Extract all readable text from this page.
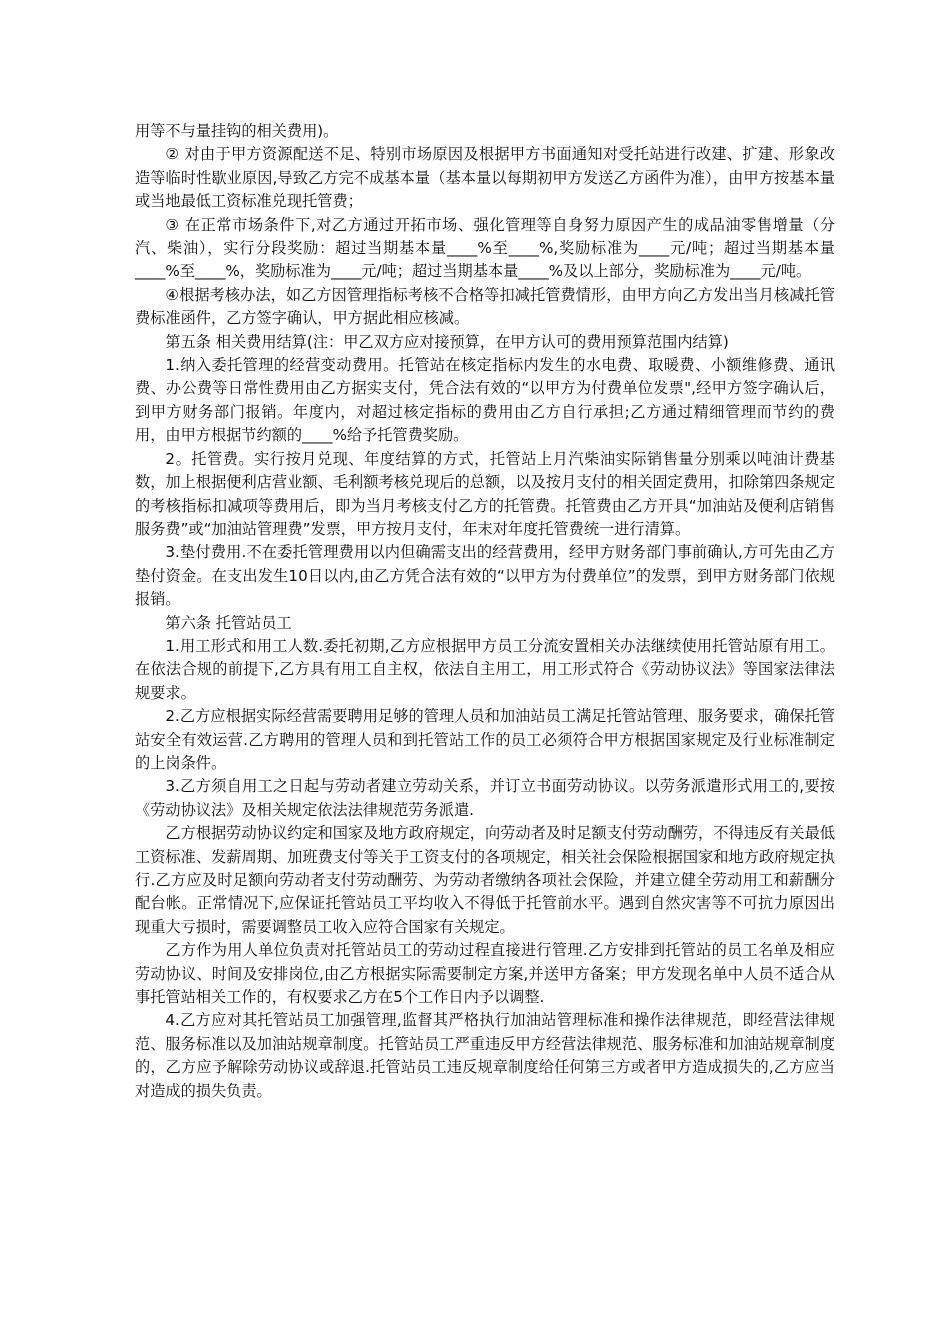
用等不与量挂钩的相关费用)。

② 对由于甲方资源配送不足、特别市场原因及根据甲方书面通知对受托站进行改建、扩建、形象改造等临时性歇业原因,导致乙方完不成基本量（基本量以每期初甲方发送乙方函件为准），由甲方按基本量或当地最低工资标准兑现托管费；

③ 在正常市场条件下,对乙方通过开拓市场、强化管理等自身努力原因产生的成品油零售增量（分汽、柴油），实行分段奖励：超过当期基本量____%至____%,奖励标准为____元/吨；超过当期基本量____%至____%，奖励标准为____元/吨；超过当期基本量____%及以上部分，奖励标准为____元/吨。

④根据考核办法，如乙方因管理指标考核不合格等扣减托管费情形，由甲方向乙方发出当月核减托管费标准函件，乙方签字确认，甲方据此相应核减。

第五条 相关费用结算(注：甲乙双方应对接预算，在甲方认可的费用预算范围内结算)

1.纳入委托管理的经营变动费用。托管站在核定指标内发生的水电费、取暖费、小额维修费、通讯费、办公费等日常性费用由乙方据实支付，凭合法有效的“以甲方为付费单位发票",经甲方签字确认后，到甲方财务部门报销。年度内，对超过核定指标的费用由乙方自行承担;乙方通过精细管理而节约的费用，由甲方根据节约额的____%给予托管费奖励。

2。托管费。实行按月兑现、年度结算的方式，托管站上月汽柴油实际销售量分别乘以吨油计费基数，加上根据便利店营业额、毛利额考核兑现后的总额，以及按月支付的相关固定费用，扣除第四条规定的考核指标扣减项等费用后，即为当月考核支付乙方的托管费。托管费由乙方开具“加油站及便利店销售服务费”或“加油站管理费”发票，甲方按月支付，年末对年度托管费统一进行清算。

3.垫付费用.不在委托管理费用以内但确需支出的经营费用，经甲方财务部门事前确认,方可先由乙方垫付资金。在支出发生10日以内,由乙方凭合法有效的“以甲方为付费单位”的发票，到甲方财务部门依规报销。

第六条 托管站员工

1.用工形式和用工人数.委托初期,乙方应根据甲方员工分流安置相关办法继续使用托管站原有用工。在依法合规的前提下,乙方具有用工自主权，依法自主用工，用工形式符合《劳动协议法》等国家法律法规要求。

2.乙方应根据实际经营需要聘用足够的管理人员和加油站员工满足托管站管理、服务要求，确保托管站安全有效运营.乙方聘用的管理人员和到托管站工作的员工必须符合甲方根据国家规定及行业标准制定的上岗条件。

3.乙方须自用工之日起与劳动者建立劳动关系，并订立书面劳动协议。以劳务派遣形式用工的,要按《劳动协议法》及相关规定依法法律规范劳务派遣.

乙方根据劳动协议约定和国家及地方政府规定，向劳动者及时足额支付劳动酬劳，不得违反有关最低工资标准、发薪周期、加班费支付等关于工资支付的各项规定，相关社会保险根据国家和地方政府规定执行.乙方应及时足额向劳动者支付劳动酬劳、为劳动者缴纳各项社会保险，并建立健全劳动用工和薪酬分配台帐。正常情况下,应保证托管站员工平均收入不得低于托管前水平。遇到自然灾害等不可抗力原因出现重大亏损时，需要调整员工收入应符合国家有关规定。

乙方作为用人单位负责对托管站员工的劳动过程直接进行管理.乙方安排到托管站的员工名单及相应劳动协议、时间及安排岗位,由乙方根据实际需要制定方案,并送甲方备案；甲方发现名单中人员不适合从事托管站相关工作的，有权要求乙方在5个工作日内予以调整.

4.乙方应对其托管站员工加强管理,监督其严格执行加油站管理标准和操作法律规范，即经营法律规范、服务标准以及加油站规章制度。托管站员工严重违反甲方经营法律规范、服务标准和加油站规章制度的，乙方应予解除劳动协议或辞退.托管站员工违反规章制度给任何第三方或者甲方造成损失的,乙方应当对造成的损失负责。
